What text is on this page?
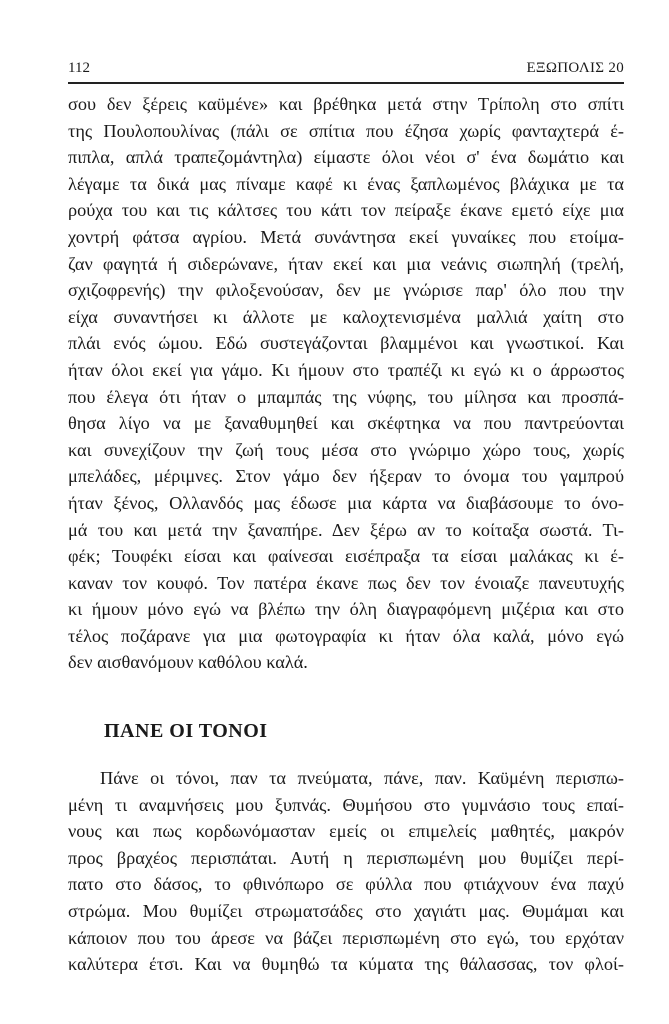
112	ΕΞΩΠΟΛΙΣ 20
σου δεν ξέρεις καϋμένε» και βρέθηκα μετά στην Τρίπολη στο σπίτι
της Πουλοπουλίνας (πάλι σε σπίτια που έζησα χωρίς φανταχτερά έ-
πιπλα, απλά τραπεζομάντηλα) είμαστε όλοι νέοι σ' ένα δωμάτιο και
λέγαμε τα δικά μας πίναμε καφέ κι ένας ξαπλωμένος βλάχικα με τα
ρούχα του και τις κάλτσες του κάτι τον πείραξε έκανε εμετό είχε μια
χοντρή φάτσα αγρίου. Μετά συνάντησα εκεί γυναίκες που ετοίμα-
ζαν φαγητά ή σιδερώνανε, ήταν εκεί και μια νεάνις σιωπηλή (τρελή,
σχιζοφρενής) την φιλοξενούσαν, δεν με γνώρισε παρ' όλο που την
είχα συναντήσει κι άλλοτε με καλοχτενισμένα μαλλιά χαίτη στο
πλάι ενός ώμου. Εδώ συστεγάζονται βλαμμένοι και γνωστικοί. Και
ήταν όλοι εκεί για γάμο. Κι ήμουν στο τραπέζι κι εγώ κι ο άρρωστος
που έλεγα ότι ήταν ο μπαμπάς της νύφης, του μίλησα και προσπά-
θησα λίγο να με ξαναθυμηθεί και σκέφτηκα να που παντρεύονται
και συνεχίζουν την ζωή τους μέσα στο γνώριμο χώρο τους, χωρίς
μπελάδες, μέριμνες. Στον γάμο δεν ήξεραν το όνομα του γαμπρού
ήταν ξένος, Ολλανδός μας έδωσε μια κάρτα να διαβάσουμε το όνο-
μά του και μετά την ξαναπήρε. Δεν ξέρω αν το κοίταξα σωστά. Τι-
φέκ; Τουφέκι είσαι και φαίνεσαι εισέπραξα τα είσαι μαλάκας κι έ-
καναν τον κουφό. Τον πατέρα έκανε πως δεν τον ένοιαζε πανευτυχής
κι ήμουν μόνο εγώ να βλέπω την όλη διαγραφόμενη μιζέρια και στο
τέλος ποζάρανε για μια φωτογραφία κι ήταν όλα καλά, μόνο εγώ
δεν αισθανόμουν καθόλου καλά.
ΠΑΝΕ ΟΙ ΤΟΝΟΙ
Πάνε οι τόνοι, παν τα πνεύματα, πάνε, παν. Καϋμένη περισπω-
μένη τι αναμνήσεις μου ξυπνάς. Θυμήσου στο γυμνάσιο τους επαί-
νους και πως κορδωνόμασταν εμείς οι επιμελείς μαθητές, μακρόν
προς βραχέος περισπάται. Αυτή η περισπωμένη μου θυμίζει περί-
πατο στο δάσος, το φθινόπωρο σε φύλλα που φτιάχνουν ένα παχύ
στρώμα. Μου θυμίζει στρωματσάδες στο χαγιάτι μας. Θυμάμαι και
κάποιον που του άρεσε να βάζει περισπωμένη στο εγώ, του ερχόταν
καλύτερα έτσι. Και να θυμηθώ τα κύματα της θάλασσας, τον φλοί-
